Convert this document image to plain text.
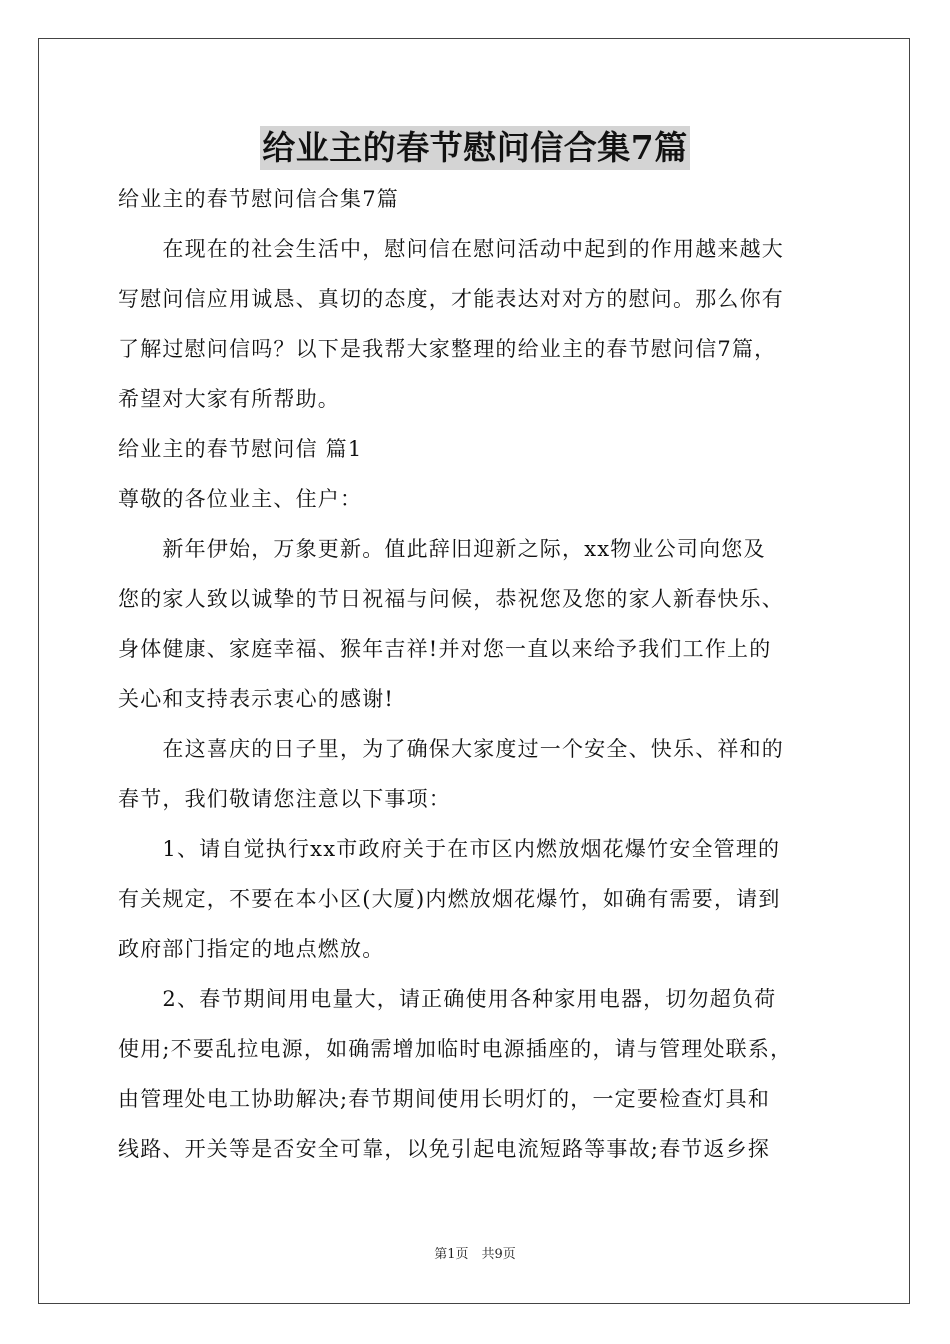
给业主的春节慰问信合集7篇
给业主的春节慰问信合集7篇
　　在现在的社会生活中，慰问信在慰问活动中起到的作用越来越大
写慰问信应用诚恳、真切的态度，才能表达对对方的慰问。那么你有
了解过慰问信吗？以下是我帮大家整理的给业主的春节慰问信7篇，
希望对大家有所帮助。
给业主的春节慰问信 篇1
尊敬的各位业主、住户：
　　新年伊始，万象更新。值此辞旧迎新之际，xx物业公司向您及
您的家人致以诚挚的节日祝福与问候，恭祝您及您的家人新春快乐、
身体健康、家庭幸福、猴年吉祥!并对您一直以来给予我们工作上的
关心和支持表示衷心的感谢!
　　在这喜庆的日子里，为了确保大家度过一个安全、快乐、祥和的
春节，我们敬请您注意以下事项：
　　1、请自觉执行xx市政府关于在市区内燃放烟花爆竹安全管理的
有关规定，不要在本小区(大厦)内燃放烟花爆竹，如确有需要，请到
政府部门指定的地点燃放。
　　2、春节期间用电量大，请正确使用各种家用电器，切勿超负荷
使用;不要乱拉电源，如确需增加临时电源插座的，请与管理处联系，
由管理处电工协助解决;春节期间使用长明灯的，一定要检查灯具和
线路、开关等是否安全可靠，以免引起电流短路等事故;春节返乡探
第1页　共9页
